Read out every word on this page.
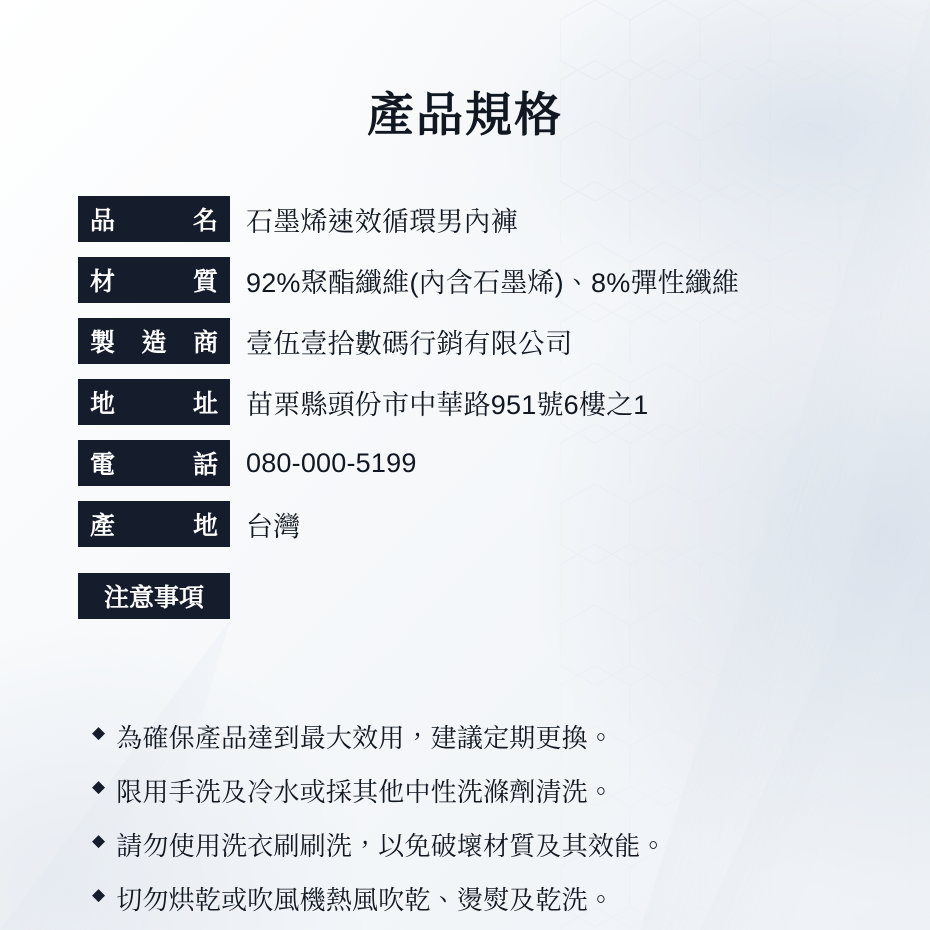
產品規格
品	名	石墨烯速效循環男內褲
材	質	92%聚酯纖維(內含石墨烯)、8%彈性纖維
製 造 商	壹伍壹拾數碼行銷有限公司
地	址	苗栗縣頭份市中華路951號6樓之1
電	話	080-000-5199
產	地	台灣
注意事項
◆ 為確保產品達到最大效用，建議定期更換。
◆ 限用手洗及冷水或採其他中性洗滌劑清洗。
◆ 請勿使用洗衣刷刷洗，以免破壞材質及其效能。
◆ 切勿烘乾或吹風機熱風吹乾、燙熨及乾洗。
